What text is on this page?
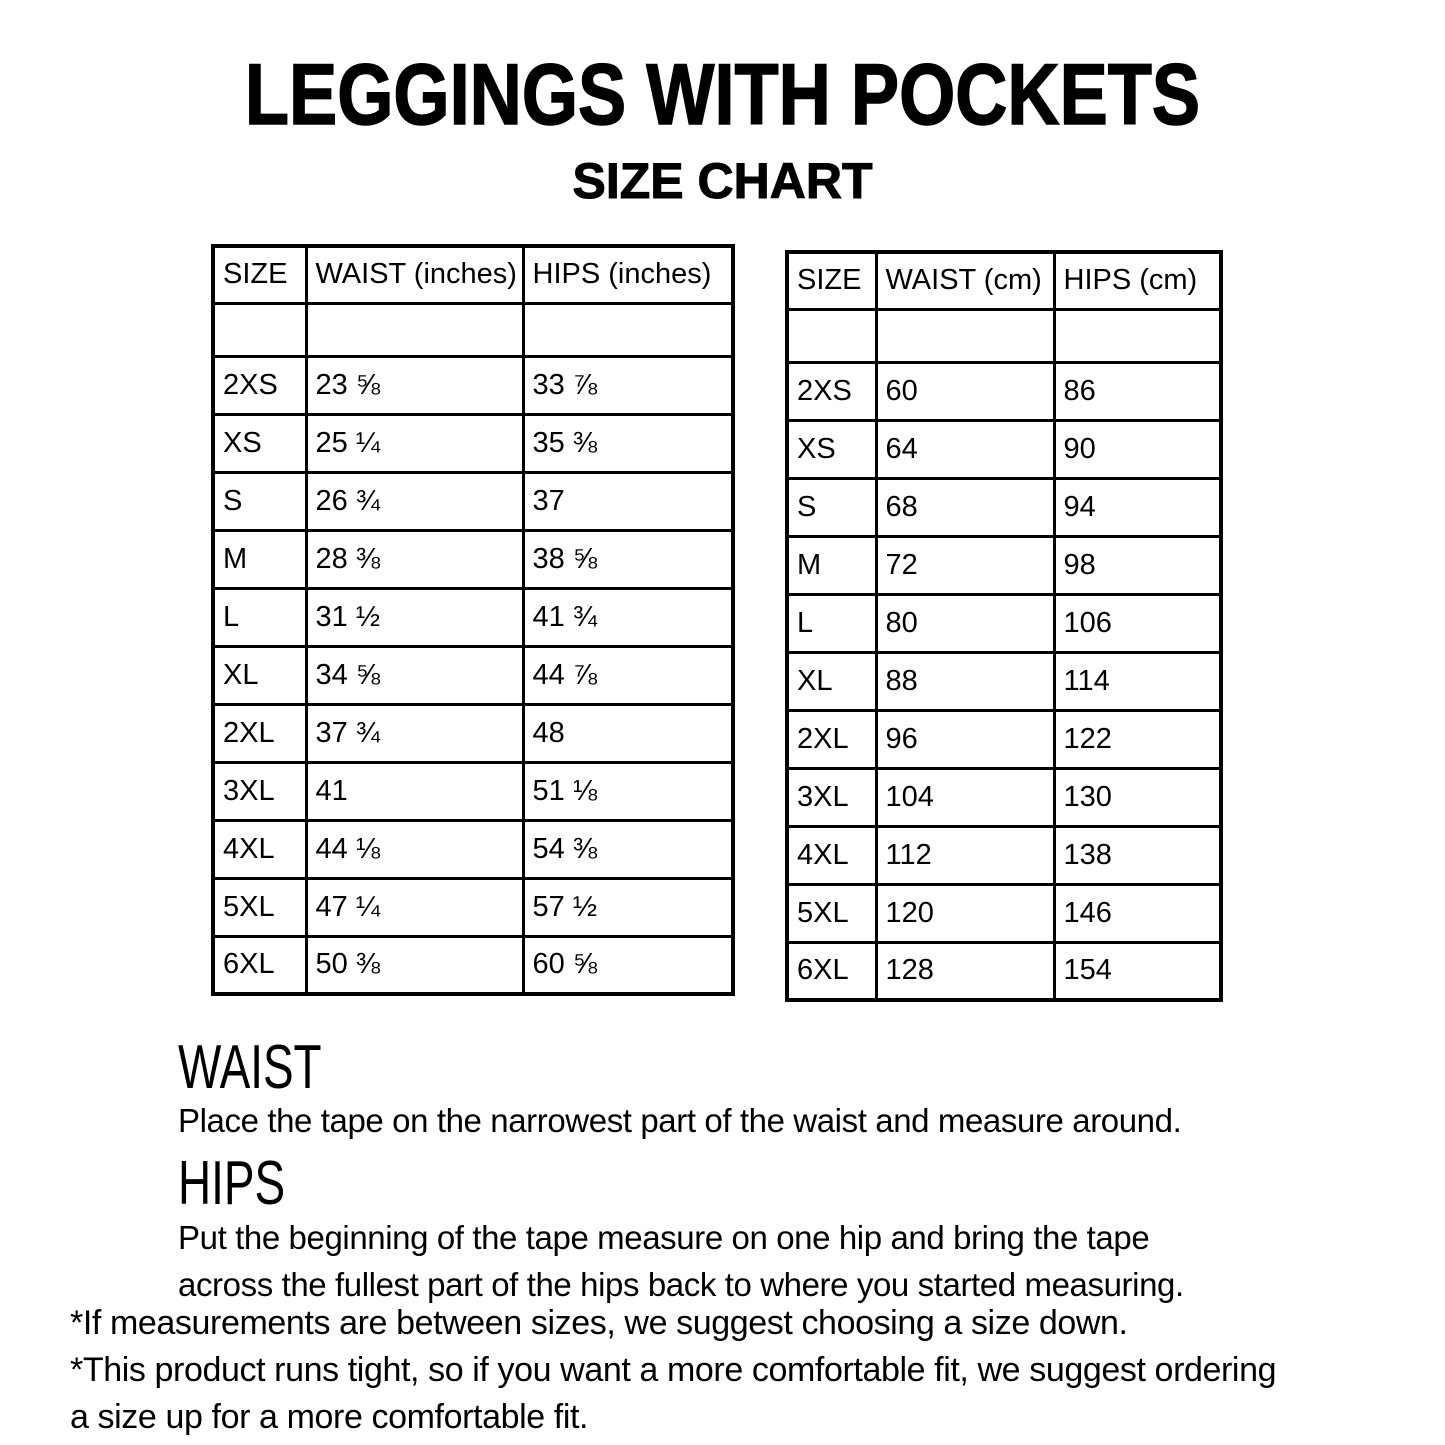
LEGGINGS WITH POCKETS
SIZE CHART
SIZE	WAIST (inches)	HIPS (inches)

2XS	23 ⅝	33 ⅞
XS	25 ¼	35 ⅜
S	26 ¾	37
M	28 ⅜	38 ⅝
L	31 ½	41 ¾
XL	34 ⅝	44 ⅞
2XL	37 ¾	48
3XL	41	51 ⅛
4XL	44 ⅛	54 ⅜
5XL	47 ¼	57 ½
6XL	50 ⅜	60 ⅝
SIZE	WAIST (cm)	HIPS (cm)

2XS	60	86
XS	64	90
S	68	94
M	72	98
L	80	106
XL	88	114
2XL	96	122
3XL	104	130
4XL	112	138
5XL	120	146
6XL	128	154
WAIST
Place the tape on the narrowest part of the waist and measure around.
HIPS
Put the beginning of the tape measure on one hip and bring the tape
across the fullest part of the hips back to where you started measuring.
*If measurements are between sizes, we suggest choosing a size down.
*This product runs tight, so if you want a more comfortable fit, we suggest ordering
a size up for a more comfortable fit.
